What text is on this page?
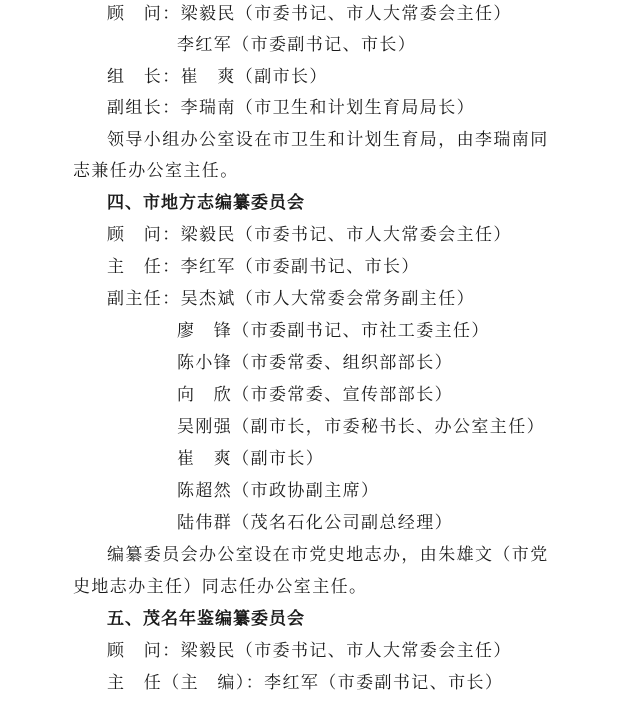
顾　问：梁毅民（市委书记、市人大常委会主任）
李红军（市委副书记、市长）
组　长：崔　爽（副市长）
副组长：李瑞南（市卫生和计划生育局局长）
领导小组办公室设在市卫生和计划生育局，由李瑞南同
志兼任办公室主任。
四、市地方志编纂委员会
顾　问：梁毅民（市委书记、市人大常委会主任）
主　任：李红军（市委副书记、市长）
副主任：吴杰斌（市人大常委会常务副主任）
廖　锋（市委副书记、市社工委主任）
陈小锋（市委常委、组织部部长）
向　欣（市委常委、宣传部部长）
吴刚强（副市长，市委秘书长、办公室主任）
崔　爽（副市长）
陈超然（市政协副主席）
陆伟群（茂名石化公司副总经理）
编纂委员会办公室设在市党史地志办，由朱雄文（市党
史地志办主任）同志任办公室主任。
五、茂名年鉴编纂委员会
顾　问：梁毅民（市委书记、市人大常委会主任）
主　任（主　编）：李红军（市委副书记、市长）
